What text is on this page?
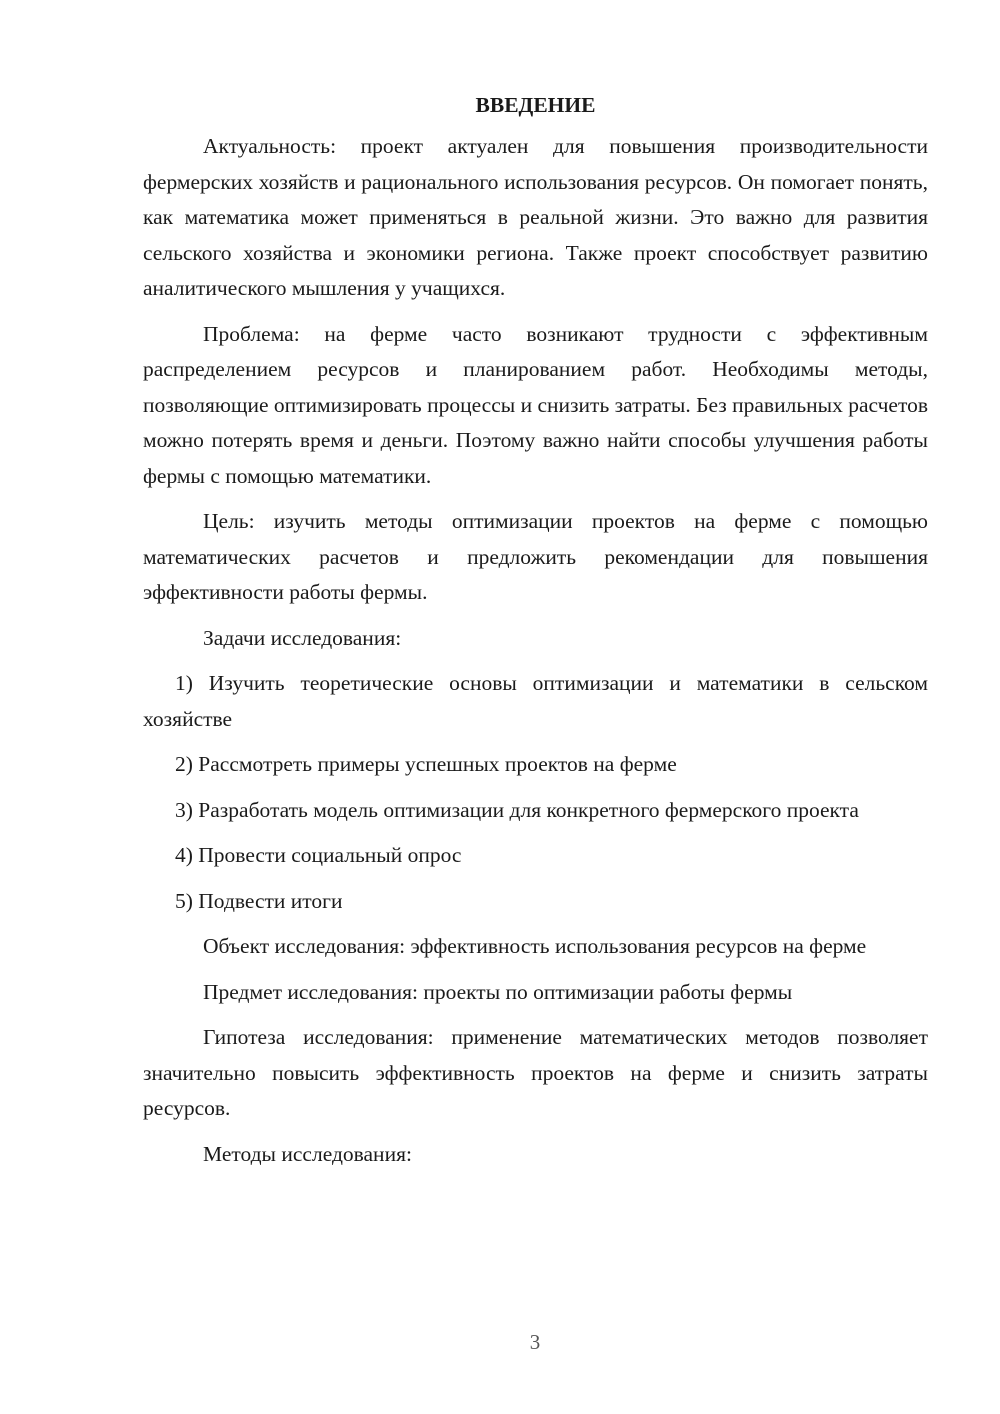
ВВЕДЕНИЕ

Актуальность: проект актуален для повышения производительности фермерских хозяйств и рационального использования ресурсов. Он помогает понять, как математика может применяться в реальной жизни. Это важно для развития сельского хозяйства и экономики региона. Также проект способствует развитию аналитического мышления у учащихся.

Проблема: на ферме часто возникают трудности с эффективным распределением ресурсов и планированием работ. Необходимы методы, позволяющие оптимизировать процессы и снизить затраты. Без правильных расчетов можно потерять время и деньги. Поэтому важно найти способы улучшения работы фермы с помощью математики.

Цель: изучить методы оптимизации проектов на ферме с помощью математических расчетов и предложить рекомендации для повышения эффективности работы фермы.

Задачи исследования:

1) Изучить теоретические основы оптимизации и математики в сельском хозяйстве

2) Рассмотреть примеры успешных проектов на ферме

3) Разработать модель оптимизации для конкретного фермерского проекта

4) Провести социальный опрос

5) Подвести итоги

Объект исследования: эффективность использования ресурсов на ферме

Предмет исследования: проекты по оптимизации работы фермы

Гипотеза исследования: применение математических методов позволяет значительно повысить эффективность проектов на ферме и снизить затраты ресурсов.

Методы исследования:

3
